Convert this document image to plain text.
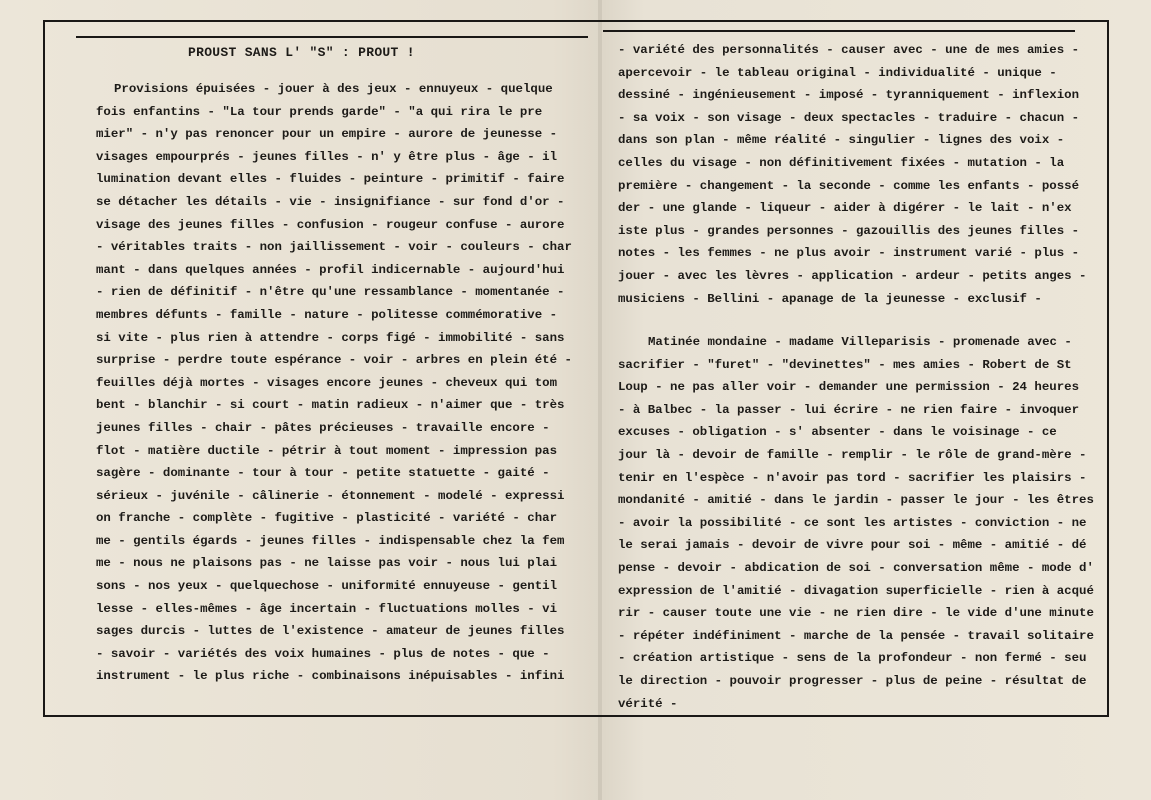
PROUST SANS L' "S" : PROUT !
Provisions épuisées - jouer à des jeux - ennuyeux - quelque
fois enfantins - "La tour prends garde" - "a qui rira le pre
mier" - n'y pas renoncer pour un empire - aurore de jeunesse -
visages empourprés - jeunes filles - n' y être plus - âge - il
lumination devant elles - fluides - peinture - primitif - faire
se détacher les détails - vie - insignifiance - sur fond d'or -
visage des jeunes filles - confusion - rougeur confuse - aurore
- véritables traits - non jaillissement - voir - couleurs - char
mant - dans quelques années - profil indicernable - aujourd'hui
- rien de définitif - n'être qu'une ressamblance - momentanée -
membres défunts - famille - nature - politesse commémorative -
si vite - plus rien à attendre - corps figé - immobilité - sans
surprise - perdre toute espérance - voir - arbres en plein été -
feuilles déjà mortes - visages encore jeunes - cheveux qui tom
bent - blanchir - si court - matin radieux - n'aimer que - très
jeunes filles - chair - pâtes précieuses - travaille encore -
flot - matière ductile - pétrir à tout moment - impression pas
sagère - dominante - tour à tour - petite statuette - gaité -
sérieux - juvénile - câlinerie - étonnement - modelé - expressi
on franche - complète - fugitive - plasticité - variété - char
me - gentils égards - jeunes filles - indispensable chez la fem
me - nous ne plaisons pas - ne laisse pas voir - nous lui plai
sons - nos yeux - quelquechose - uniformité ennuyeuse - gentil
lesse - elles-mêmes - âge incertain - fluctuations molles - vi
sages durcis - luttes de l'existence - amateur de jeunes filles
- savoir - variétés des voix humaines - plus de notes - que -
instrument - le plus riche - combinaisons inépuisables - infini
- variété des personnalités - causer avec - une de mes amies -
apercevoir - le tableau original - individualité - unique -
dessiné - ingénieusement - imposé - tyranniquement - inflexion
- sa voix - son visage - deux spectacles - traduire - chacun -
dans son plan - même réalité - singulier - lignes des voix -
celles du visage - non définitivement fixées - mutation - la
première - changement - la seconde - comme les enfants - possé
der - une glande - liqueur - aider à digérer - le lait - n'ex
iste plus - grandes personnes - gazouillis des jeunes filles -
notes - les femmes - ne plus avoir - instrument varié - plus -
jouer - avec les lèvres - application - ardeur - petits anges -
musiciens - Bellini - apanage de la jeunesse - exclusif -
Matinée mondaine - madame Villeparisis - promenade avec -
sacrifier - "furet" - "devinettes" - mes amies - Robert de St
Loup - ne pas aller voir - demander une permission - 24 heures
- à Balbec - la passer - lui écrire - ne rien faire - invoquer
excuses - obligation - s' absenter - dans le voisinage - ce
jour là - devoir de famille - remplir - le rôle de grand-mère -
tenir en l'espèce - n'avoir pas tord - sacrifier les plaisirs -
mondanité - amitié - dans le jardin - passer le jour - les êtres
- avoir la possibilité - ce sont les artistes - conviction - ne
le serai jamais - devoir de vivre pour soi - même - amitié - dé
pense - devoir - abdication de soi - conversation même - mode d'
expression de l'amitié - divagation superficielle - rien à acqué
rir - causer toute une vie - ne rien dire - le vide d'une minute
- répéter indéfiniment - marche de la pensée - travail solitaire
- création artistique - sens de la profondeur - non fermé - seu
le direction - pouvoir progresser - plus de peine - résultat de
vérité -
